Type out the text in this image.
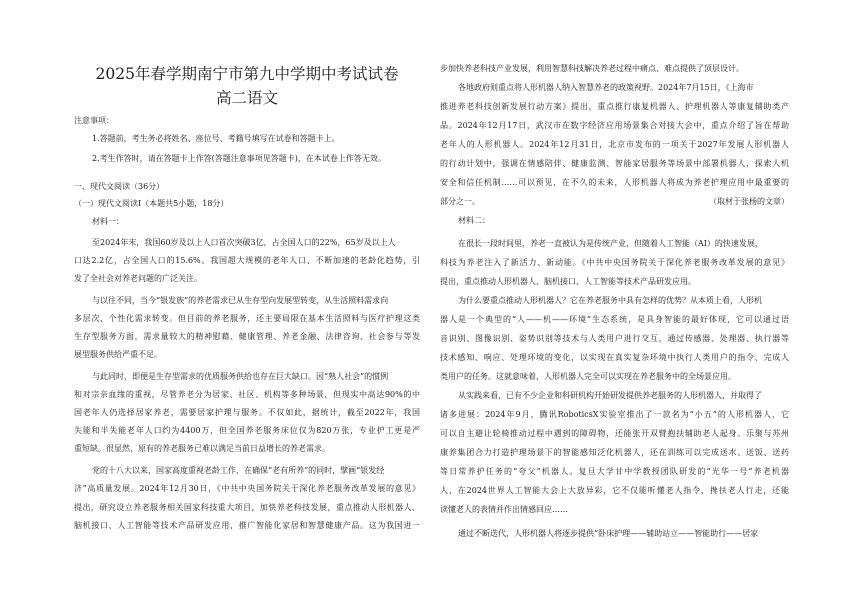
2025年春学期南宁市第九中学期中考试试卷
高二语文
注意事项：
1.答题前，考生务必将姓名、座位号、考籍号填写在试卷和答题卡上。
2.考生作答时，请在答题卡上作答(答题注意事项见答题卡)，在本试卷上作答无效。
一、现代文阅读（36分）
（一）现代文阅读Ⅰ（本题共5小题，18分）
材料一：
至2024年末，我国60岁及以上人口首次突破3亿，占全国人口的22%，65岁及以上人
口达2.2亿，占全国人口的15.6%。我国超大规模的老年人口、不断加速的老龄化趋势，引
发了全社会对养老问题的广泛关注。
与以往不同，当今“银发族”的养老需求已从生存型向发展型转变，从生活照料需求向
多层次、个性化需求转变。但目前的养老服务，还主要局限在基本生活照料与医疗护理这类
生存型服务方面，需求量较大的精神慰藉、健康管理、养老金融、法律咨询、社会参与等发
展型服务供给严重不足。
与此同时，即便是生存型需求的优质服务供给也存在巨大缺口。因“熟人社会”的惯例
和对宗亲血缘的重视，尽管养老分为居家、社区、机构等多种场景，但现实中高达90%的中
国老年人仍选择居家养老，需要居家护理与服务。不仅如此，据统计，截至2022年，我国
失能和半失能老年人口约为4400万，但全国养老服务床位仅为820万张，专业护工更是严
重短缺。很显然，原有的养老服务已难以满足当前日益增长的养老需求。
党的十八大以来，国家高度重视老龄工作，在确保“老有所养”的同时，擘画“银发经
济”高质量发展。2024年12月30日，《中共中央国务院关于深化养老服务改革发展的意见》
提出，研究设立养老服务相关国家科技重大项目，加快养老科技发展，重点推动人形机器人、
脑机接口、人工智能等技术产品研发应用，推广智能化家居和智慧健康产品。这为我国进一
步加快养老科技产业发展，利用智慧科技解决养老过程中痛点、难点提供了顶层设计。
各地政府则重点将人形机器人纳入智慧养老的政策视野。2024年7月15日，《上海市
推进养老科技创新发展行动方案》提出，重点推行康复机器人、护理机器人等康复辅助类产
品。2024年12月17日，武汉市在数字经济应用场景集合对接大会中，重点介绍了旨在帮助
老年人的人形机器人。2024年12月31日，北京市发布的一项关于2027年发展人形机器人
的行动计划中，强调在情感陪伴、健康监测、智能家居服务等场景中部署机器人，探索人机
安全和信任机制……可以预见，在不久的未来，人形机器人将成为养老护理应用中最重要的
部分之一。	（取材于张杨的文章）
材料二：
在很长一段时间里，养老一直被认为是传统产业，但随着人工智能（AI）的快速发展，
科技为养老注入了新活力、新动能。《中共中央国务院关于深化养老服务改革发展的意见》
提出，重点推动人形机器人、脑机接口、人工智能等技术产品研发应用。
为什么要重点推动人形机器人？它在养老服务中具有怎样的优势？从本质上看，人形机
器人是一个典型的“人——机——环境”生态系统，是具身智能的最好体现，它可以通过语
音识别、图像识别、姿势识别等技术与人类用户进行交互，通过传感器、处理器、执行器等
技术感知、响应、处理环境的变化，以实现在真实复杂环境中执行人类用户的指令、完成人
类用户的任务。这就意味着，人形机器人完全可以实现在养老服务中的全场景应用。
从实践来看，已有不少企业和科研机构开始研发提供养老服务的人形机器人，并取得了
诸多进展：2024年9月，腾讯RoboticsX实验室推出了一款名为“小五”的人形机器人，它
可以自主避让轮椅推动过程中遇到的障碍物，还能张开双臂抱扶辅助老人起身。乐聚与苏州
康养集团合力打造护理场景下的智能感知泛化机器人，还在训练可以完成送水、送饭、送药
等日常养护任务的“夸父”机器人。复旦大学甘中学教授团队研发的“光华一号”养老机器
人，在2024世界人工智能大会上大放异彩，它不仅能听懂老人指令，搀扶老人行走，还能
读懂老人的表情并作出情感回应……
通过不断迭代，人形机器人将逐步提供“卧床护理——辅助站立——智能助行——居家
